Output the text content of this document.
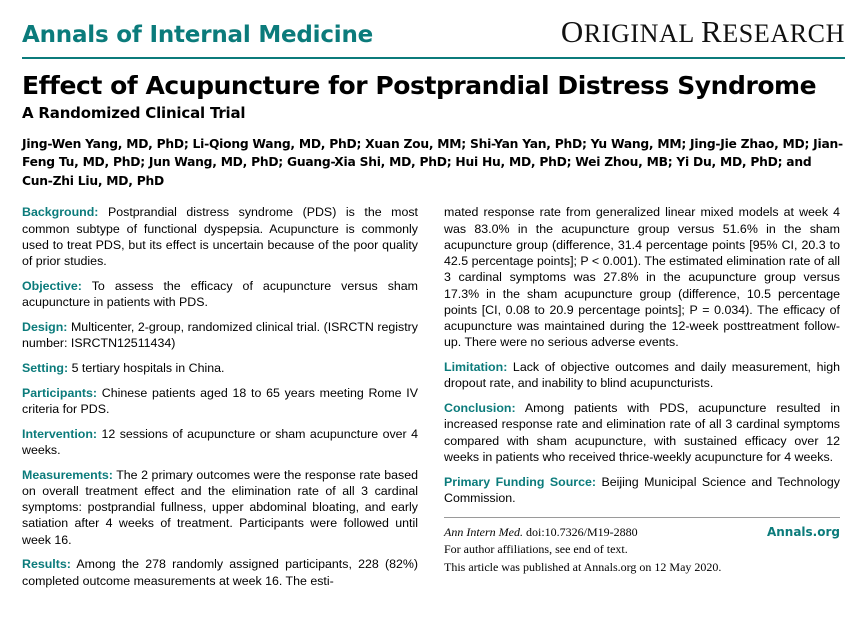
Annals of Internal Medicine	ORIGINAL RESEARCH
Effect of Acupuncture for Postprandial Distress Syndrome
A Randomized Clinical Trial
Jing-Wen Yang, MD, PhD; Li-Qiong Wang, MD, PhD; Xuan Zou, MM; Shi-Yan Yan, PhD; Yu Wang, MM; Jing-Jie Zhao, MD; Jian-Feng Tu, MD, PhD; Jun Wang, MD, PhD; Guang-Xia Shi, MD, PhD; Hui Hu, MD, PhD; Wei Zhou, MB; Yi Du, MD, PhD; and Cun-Zhi Liu, MD, PhD
Background: Postprandial distress syndrome (PDS) is the most common subtype of functional dyspepsia. Acupuncture is commonly used to treat PDS, but its effect is uncertain because of the poor quality of prior studies.
Objective: To assess the efficacy of acupuncture versus sham acupuncture in patients with PDS.
Design: Multicenter, 2-group, randomized clinical trial. (ISRCTN registry number: ISRCTN12511434)
Setting: 5 tertiary hospitals in China.
Participants: Chinese patients aged 18 to 65 years meeting Rome IV criteria for PDS.
Intervention: 12 sessions of acupuncture or sham acupuncture over 4 weeks.
Measurements: The 2 primary outcomes were the response rate based on overall treatment effect and the elimination rate of all 3 cardinal symptoms: postprandial fullness, upper abdominal bloating, and early satiation after 4 weeks of treatment. Participants were followed until week 16.
Results: Among the 278 randomly assigned participants, 228 (82%) completed outcome measurements at week 16. The esti-
mated response rate from generalized linear mixed models at week 4 was 83.0% in the acupuncture group versus 51.6% in the sham acupuncture group (difference, 31.4 percentage points [95% CI, 20.3 to 42.5 percentage points]; P < 0.001). The estimated elimination rate of all 3 cardinal symptoms was 27.8% in the acupuncture group versus 17.3% in the sham acupuncture group (difference, 10.5 percentage points [CI, 0.08 to 20.9 percentage points]; P = 0.034). The efficacy of acupuncture was maintained during the 12-week posttreatment follow-up. There were no serious adverse events.
Limitation: Lack of objective outcomes and daily measurement, high dropout rate, and inability to blind acupuncturists.
Conclusion: Among patients with PDS, acupuncture resulted in increased response rate and elimination rate of all 3 cardinal symptoms compared with sham acupuncture, with sustained efficacy over 12 weeks in patients who received thrice-weekly acupuncture for 4 weeks.
Primary Funding Source: Beijing Municipal Science and Technology Commission.
Ann Intern Med. doi:10.7326/M19-2880	Annals.org
For author affiliations, see end of text.
This article was published at Annals.org on 12 May 2020.
